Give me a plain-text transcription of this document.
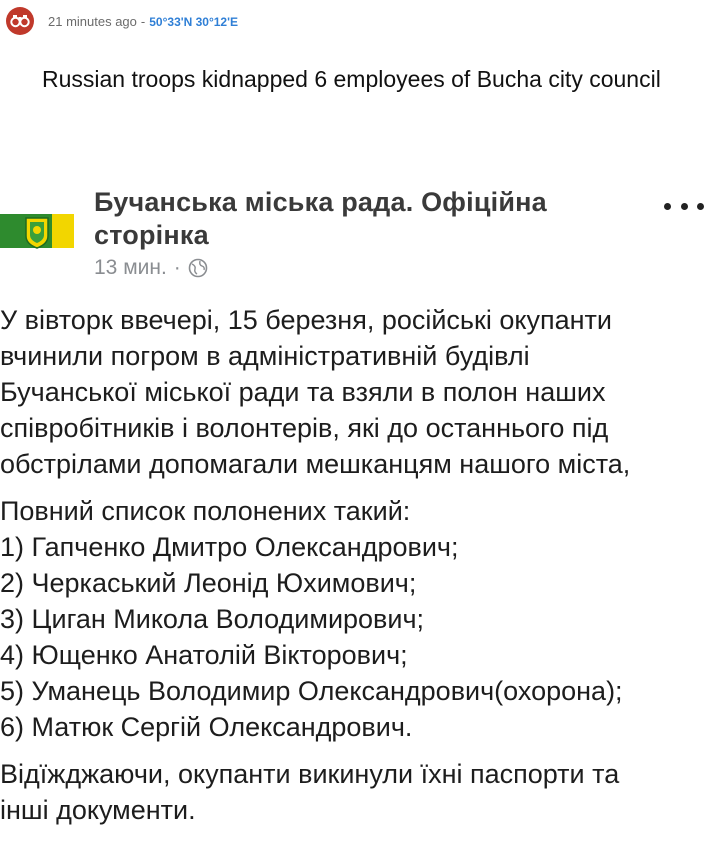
21 minutes ago - 50°33'N 30°12'E
Russian troops kidnapped 6 employees of Bucha city council
Бучанська міська рада. Офіційна сторінка
13 мин. ·

У вівторк ввечері, 15 березня, російські окупанти

вчинили погром в адміністративній будівлі

Бучанської міської ради та взяли в полон наших

співробітників і волонтерів, які до останнього під

обстрілами допомагали мешканцям нашого міста,

Повний список полонених такий:

1) Гапченко Дмитро Олександрович;

2) Черкаський Леонід Юхимович;

3) Циган Микола Володимирович;

4) Ющенко Анатолій Вікторович;

5) Уманець Володимир Олександрович(охорона);

6) Матюк Сергій Олександрович.

Відїжджаючи, окупанти викинули їхні паспорти та

інші документи.
